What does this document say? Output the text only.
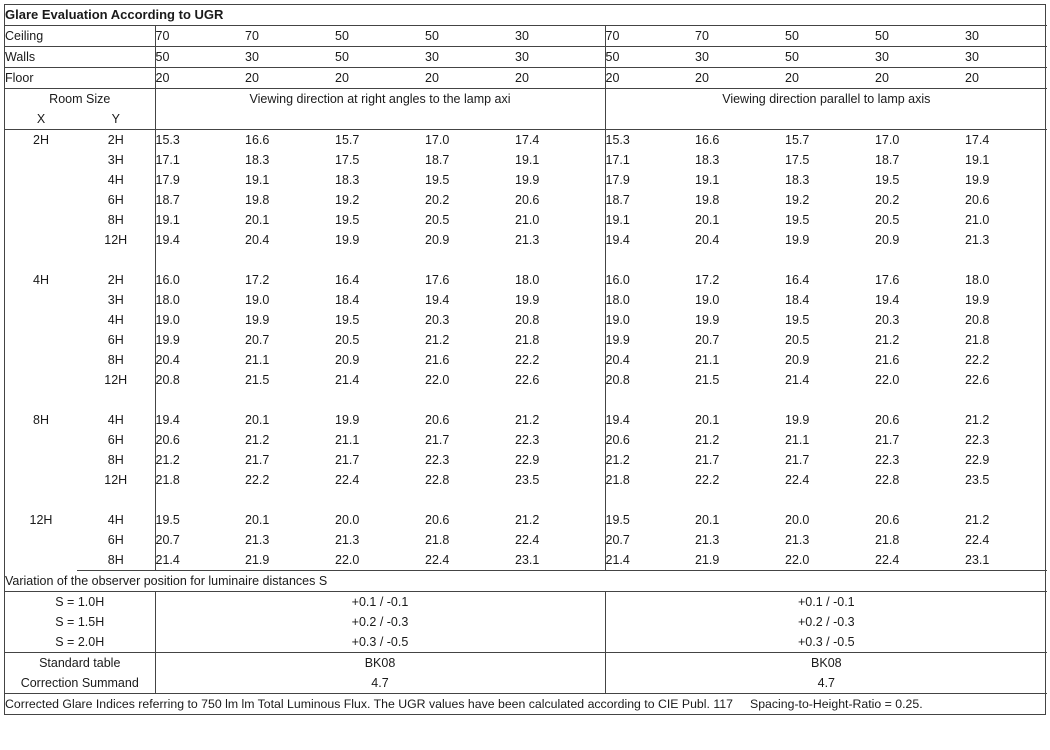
Glare Evaluation According to UGR											
Ceiling		70	70	50	50	30	70	70	50	50	30
Walls		50	30	50	30	30	50	30	50	30	30
Floor		20	20	20	20	20	20	20	20	20	20
Room Size		Viewing direction at right angles to the lamp axi					Viewing direction parallel to lamp axis				
X	Y										
2H	2H	15.3	16.6	15.7	17.0	17.4	15.3	16.6	15.7	17.0	17.4
	3H	17.1	18.3	17.5	18.7	19.1	17.1	18.3	17.5	18.7	19.1
	4H	17.9	19.1	18.3	19.5	19.9	17.9	19.1	18.3	19.5	19.9
	6H	18.7	19.8	19.2	20.2	20.6	18.7	19.8	19.2	20.2	20.6
	8H	19.1	20.1	19.5	20.5	21.0	19.1	20.1	19.5	20.5	21.0
	12H	19.4	20.4	19.9	20.9	21.3	19.4	20.4	19.9	20.9	21.3

4H	2H	16.0	17.2	16.4	17.6	18.0	16.0	17.2	16.4	17.6	18.0
	3H	18.0	19.0	18.4	19.4	19.9	18.0	19.0	18.4	19.4	19.9
	4H	19.0	19.9	19.5	20.3	20.8	19.0	19.9	19.5	20.3	20.8
	6H	19.9	20.7	20.5	21.2	21.8	19.9	20.7	20.5	21.2	21.8
	8H	20.4	21.1	20.9	21.6	22.2	20.4	21.1	20.9	21.6	22.2
	12H	20.8	21.5	21.4	22.0	22.6	20.8	21.5	21.4	22.0	22.6

8H	4H	19.4	20.1	19.9	20.6	21.2	19.4	20.1	19.9	20.6	21.2
	6H	20.6	21.2	21.1	21.7	22.3	20.6	21.2	21.1	21.7	22.3
	8H	21.2	21.7	21.7	22.3	22.9	21.2	21.7	21.7	22.3	22.9
	12H	21.8	22.2	22.4	22.8	23.5	21.8	22.2	22.4	22.8	23.5

12H	4H	19.5	20.1	20.0	20.6	21.2	19.5	20.1	20.0	20.6	21.2
	6H	20.7	21.3	21.3	21.8	22.4	20.7	21.3	21.3	21.8	22.4
	8H	21.4	21.9	22.0	22.4	23.1	21.4	21.9	22.0	22.4	23.1
Variation of the observer position for luminaire distances S											
S = 1.0H		+0.1 / -0.1					+0.1 / -0.1				
S = 1.5H		+0.2 / -0.3					+0.2 / -0.3				
S = 2.0H		+0.3 / -0.5					+0.3 / -0.5				
Standard table		BK08					BK08				
Correction Summand		4.7					4.7				
Corrected Glare Indices referring to 750 lm lm Total Luminous Flux. The UGR values have been calculated according to CIE Publ. 117     Spacing-to-Height-Ratio = 0.25.											
